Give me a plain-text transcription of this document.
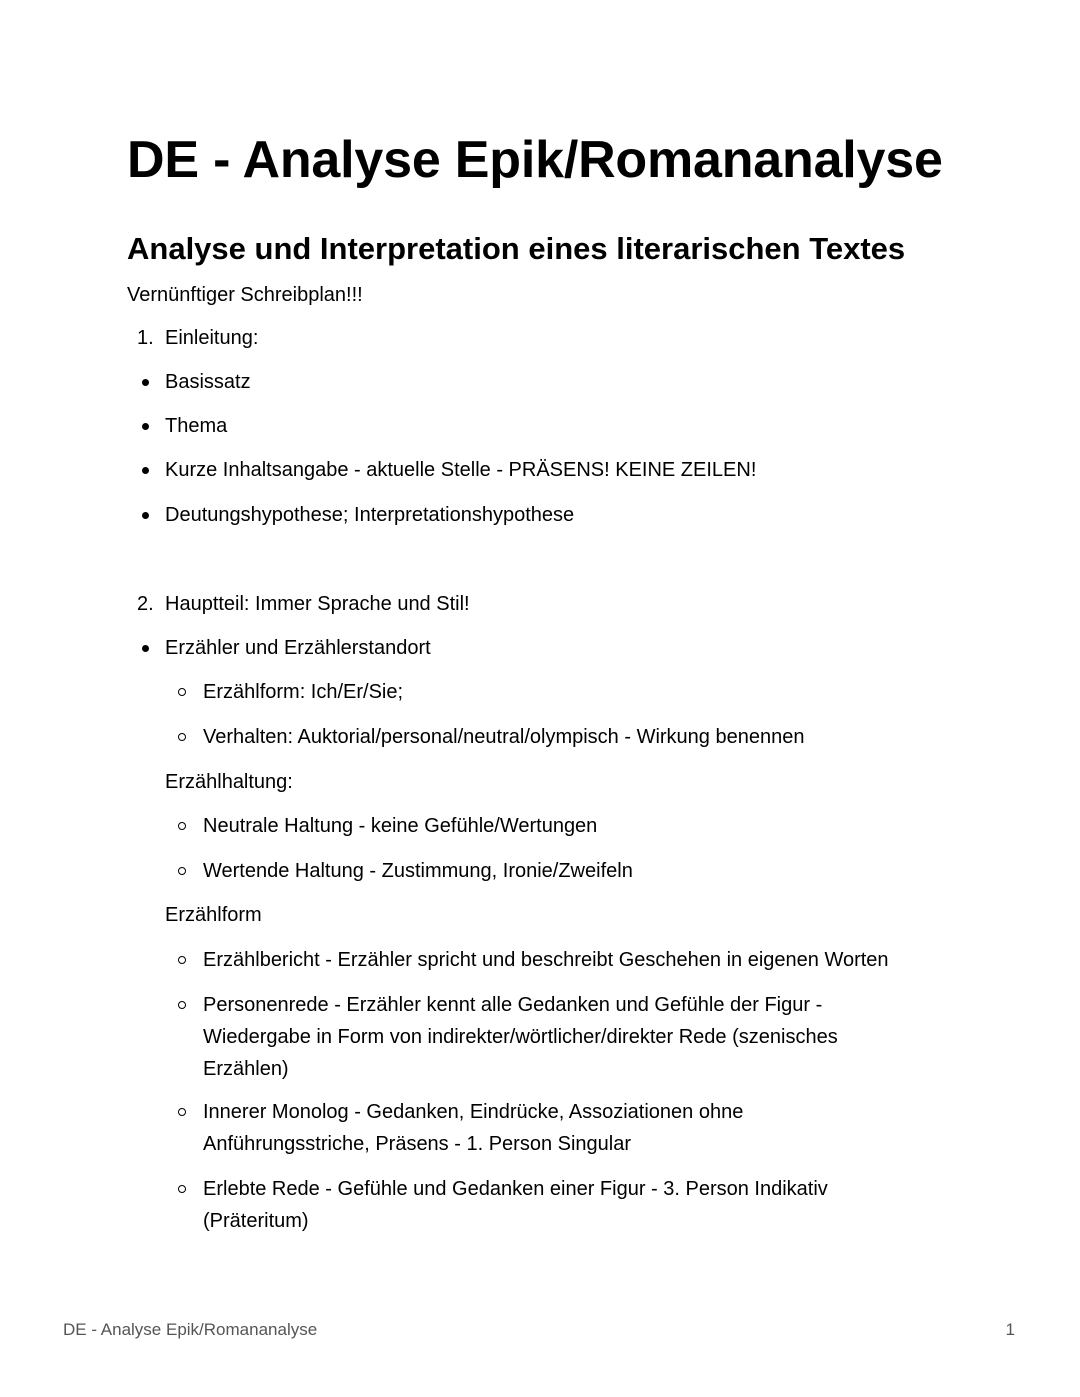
DE - Analyse Epik/Romananalyse
Analyse und Interpretation eines literarischen Textes

Vernünftiger Schreibplan!!!

1. Einleitung:

Basissatz

Thema

Kurze Inhaltsangabe - aktuelle Stelle - PRÄSENS! KEINE ZEILEN!

Deutungshypothese; Interpretationshypothese

2. Hauptteil: Immer Sprache und Stil!

Erzähler und Erzählerstandort

Erzählform: Ich/Er/Sie;

Verhalten: Auktorial/personal/neutral/olympisch - Wirkung benennen

Erzählhaltung:

Neutrale Haltung - keine Gefühle/Wertungen

Wertende Haltung - Zustimmung, Ironie/Zweifeln

Erzählform

Erzählbericht - Erzähler spricht und beschreibt Geschehen in eigenen Worten

Personenrede - Erzähler kennt alle Gedanken und Gefühle der Figur - Wiedergabe in Form von indirekter/wörtlicher/direkter Rede (szenisches Erzählen)

Innerer Monolog - Gedanken, Eindrücke, Assoziationen ohne Anführungsstriche, Präsens - 1. Person Singular

Erlebte Rede - Gefühle und Gedanken einer Figur - 3. Person Indikativ (Präteritum)

DE - Analyse Epik/Romananalyse	1
